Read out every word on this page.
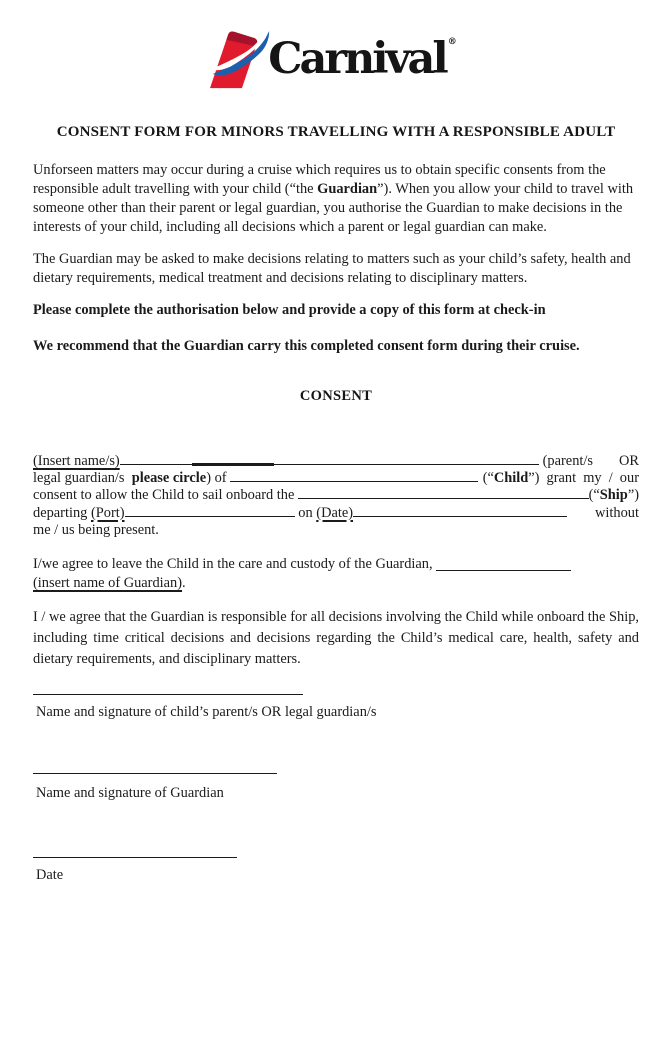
Carnival ®
CONSENT FORM FOR MINORS TRAVELLING WITH A RESPONSIBLE ADULT

Unforseen matters may occur during a cruise which requires us to obtain specific consents from the responsible adult travelling with your child (“the Guardian”). When you allow your child to travel with someone other than their parent or legal guardian, you authorise the Guardian to make decisions in the interests of your child, including all decisions which a parent or legal guardian can make.

The Guardian may be asked to make decisions relating to matters such as your child’s safety, health and dietary requirements, medical treatment and decisions relating to disciplinary matters.

Please complete the authorisation below and provide a copy of this form at check-in

We recommend that the Guardian carry this completed consent form during their cruise.

CONSENT
(Insert name/s)	(parent/s OR
legal guardian/s please circle ) of	(“ Child ”) grant my / our
consent to allow the Child to sail onboard the	(“ Ship ”)
departing (Port)	on (Date)	without
me / us being present.

I/we agree to leave the Child in the care and custody of the Guardian,
(insert name of Guardian).

I / we agree that the Guardian is responsible for all decisions involving the Child while onboard the Ship, including time critical decisions and decisions regarding the Child’s medical care, health, safety and dietary requirements, and disciplinary matters.

Name and signature of child’s parent/s OR legal guardian/s
Name and signature of Guardian
Date
